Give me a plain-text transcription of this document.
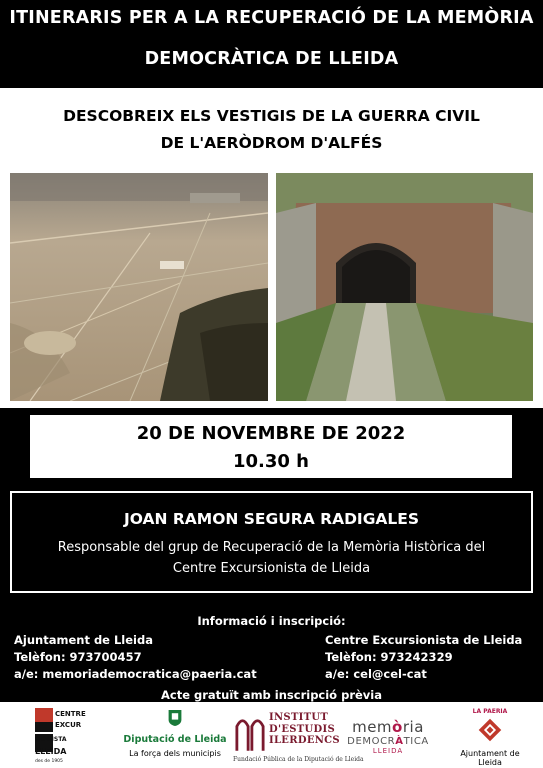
ITINERARIS PER A LA RECUPERACIÓ DE LA MEMÒRIA
DEMOCRÀTICA DE LLEIDA
DESCOBREIX ELS VESTIGIS DE LA GUERRA CIVIL
DE L'AERÒDROM D'ALFÉS
20 DE NOVEMBRE DE 2022
10.30 h
JOAN RAMON SEGURA RADIGALES
Responsable del grup de Recuperació de la Memòria Històrica del
Centre Excursionista de Lleida
Informació i inscripció:
Ajuntament de Lleida
Telèfon: 973700457
a/e: memoriademocratica@paeria.cat
Centre Excursionista de Lleida
Telèfon: 973242329
a/e: cel@cel-cat
Acte gratuït amb inscripció prèvia
CENTRE
EXCUR
SIONISTA
LLEIDA
des de 1905
Diputació de Lleida
La força dels municipis
INSTITUT
D'ESTUDIS
ILERDENCS
Fundació Pública de la Diputació de Lleida
memòria
DEMOCRÀTICA
LLEIDA
LA PAERIA
Ajuntament de Lleida
